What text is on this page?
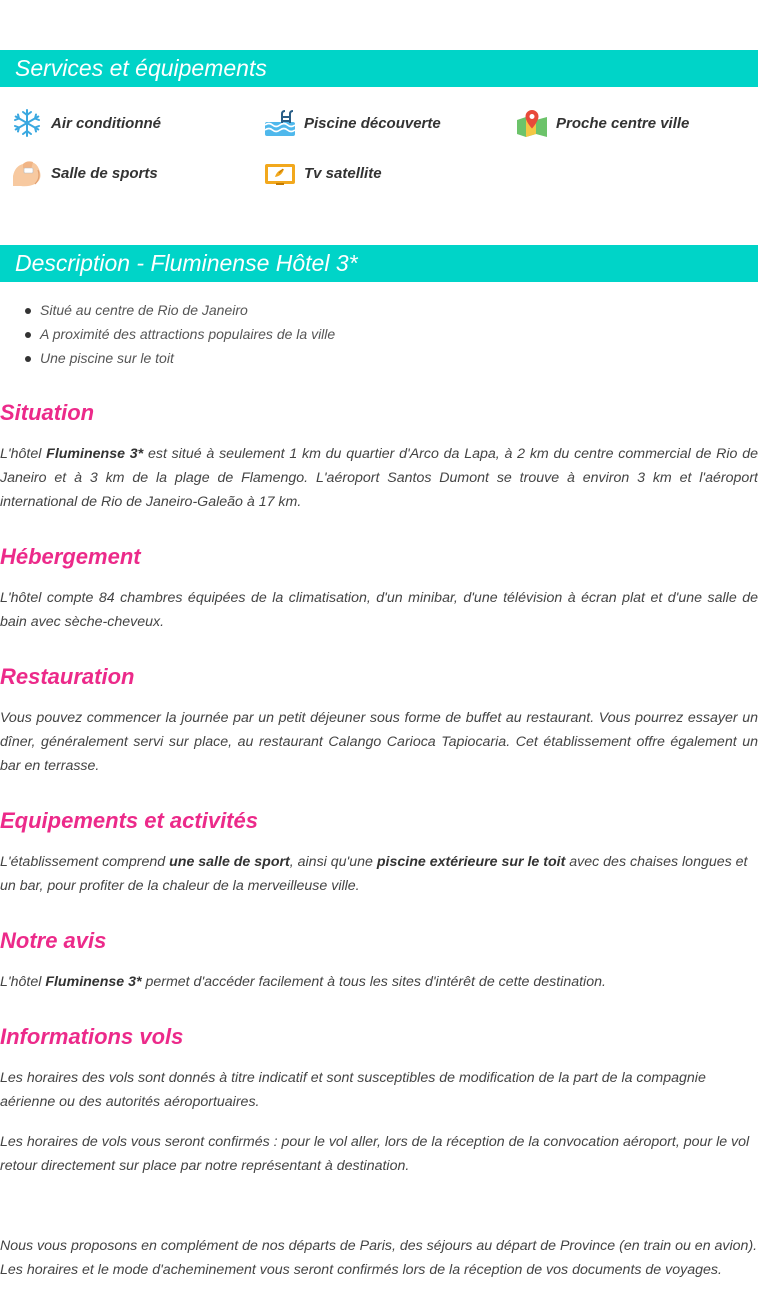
Services et équipements
Air conditionné	Piscine découverte	Proche centre ville
Salle de sports	Tv satellite
Description - Fluminense Hôtel 3*
Situé au centre de Rio de Janeiro
A proximité des attractions populaires de la ville
Une piscine sur le toit
Situation

L'hôtel Fluminense 3* est situé à seulement 1 km du quartier d'Arco da Lapa, à 2 km du centre commercial de Rio de Janeiro et à 3 km de la plage de Flamengo. L'aéroport Santos Dumont se trouve à environ 3 km et l'aéroport international de Rio de Janeiro-Galeão à 17 km.

Hébergement

L'hôtel compte 84 chambres équipées de la climatisation, d'un minibar, d'une télévision à écran plat et d'une salle de bain avec sèche-cheveux.

Restauration

Vous pouvez commencer la journée par un petit déjeuner sous forme de buffet au restaurant. Vous pourrez essayer un dîner, généralement servi sur place, au restaurant Calango Carioca Tapiocaria. Cet établissement offre également un bar en terrasse.

Equipements et activités

L'établissement comprend une salle de sport, ainsi qu'une piscine extérieure sur le toit avec des chaises longues et un bar, pour profiter de la chaleur de la merveilleuse ville.

Notre avis

L'hôtel Fluminense 3* permet d'accéder facilement à tous les sites d'intérêt de cette destination.

Informations vols

Les horaires des vols sont donnés à titre indicatif et sont susceptibles de modification de la part de la compagnie aérienne ou des autorités aéroportuaires.

Les horaires de vols vous seront confirmés : pour le vol aller, lors de la réception de la convocation aéroport, pour le vol retour directement sur place par notre représentant à destination.

Nous vous proposons en complément de nos départs de Paris, des séjours au départ de Province (en train ou en avion). Les horaires et le mode d'acheminement vous seront confirmés lors de la réception de vos documents de voyages.
